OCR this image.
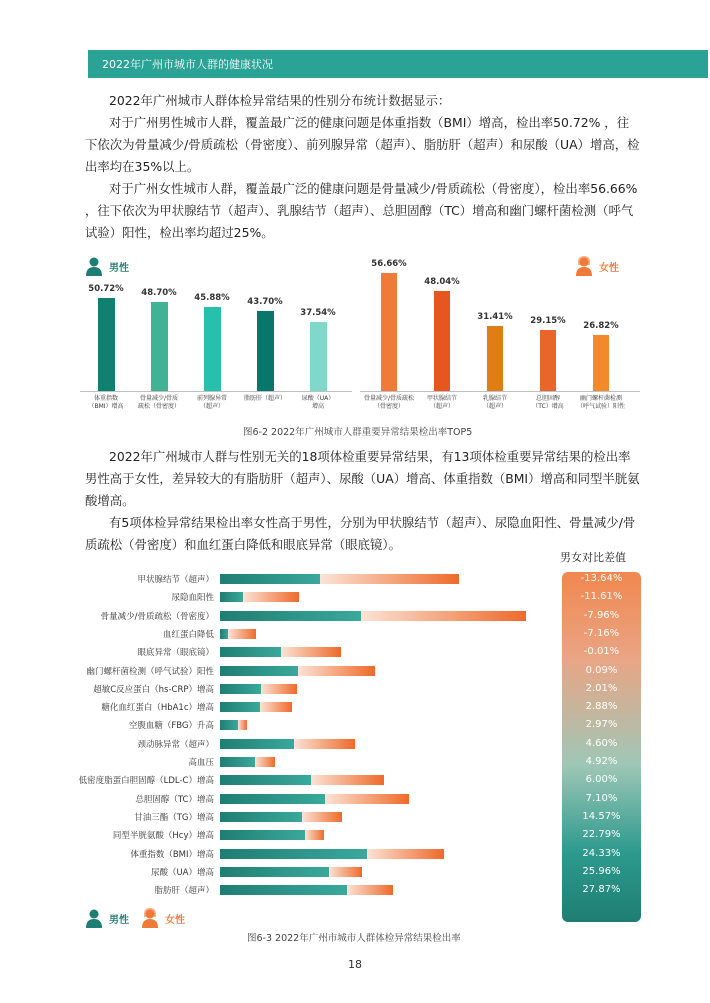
2022年广州市城市人群的健康状况

2022年广州城市人群体检异常结果的性别分布统计数据显示：

对于广州男性城市人群，覆盖最广泛的健康问题是体重指数（BMI）增高，检出率50.72% ，往下依次为骨量减少/骨质疏松（骨密度）、前列腺异常（超声）、脂肪肝（超声）和尿酸（UA）增高，检出率均在35%以上。

对于广州女性城市人群，覆盖最广泛的健康问题是骨量减少/骨质疏松（骨密度），检出率56.66% ，往下依次为甲状腺结节（超声）、乳腺结节（超声）、总胆固醇（TC）增高和幽门螺杆菌检测（呼气试验）阳性，检出率均超过25%。

男性	女性
50.72%
体重指数
（BMI）增高
48.70%
骨量减少/骨质
疏松（骨密度）
45.88%
前列腺异常
（超声）
43.70%
脂肪肝（超声）
37.54%
尿酸（UA）
增高
56.66%
骨量减少/骨质疏松
（骨密度）
48.04%
甲状腺结节
（超声）
31.41%
乳腺结节
（超声）
29.15%
总胆固醇
（TC）增高
26.82%
幽门螺杆菌检测
（呼气试验）阳性
图6-2 2022年广州城市人群重要异常结果检出率TOP5

2022年广州城市人群与性别无关的18项体检重要异常结果，有13项体检重要异常结果的检出率男性高于女性，差异较大的有脂肪肝（超声）、尿酸（UA）增高、体重指数（BMI）增高和同型半胱氨酸增高。

有5项体检异常结果检出率女性高于男性，分别为甲状腺结节（超声）、尿隐血阳性、骨量减少/骨质疏松（骨密度）和血红蛋白降低和眼底异常（眼底镜）。

男女对比差值
-13.64%
-11.61%
-7.96%
-7.16%
-0.01%
0.09%
2.01%
2.88%
2.97%
4.60%
4.92%
6.00%
7.10%
14.57%
22.79%
24.33%
25.96%
27.87%
甲状腺结节（超声）
尿隐血阳性
骨量减少/骨质疏松（骨密度）
血红蛋白降低
眼底异常（眼底镜）
幽门螺杆菌检测（呼气试验）阳性
超敏C反应蛋白（hs-CRP）增高
糖化血红蛋白（HbA1c）增高
空腹血糖（FBG）升高
颈动脉异常（超声）
高血压
低密度脂蛋白胆固醇（LDL-C）增高
总胆固醇（TC）增高
甘油三酯（TG）增高
同型半胱氨酸（Hcy）增高
体重指数（BMI）增高
尿酸（UA）增高
脂肪肝（超声）
男性	女性
图6-3 2022年广州市城市人群体检异常结果检出率
18
